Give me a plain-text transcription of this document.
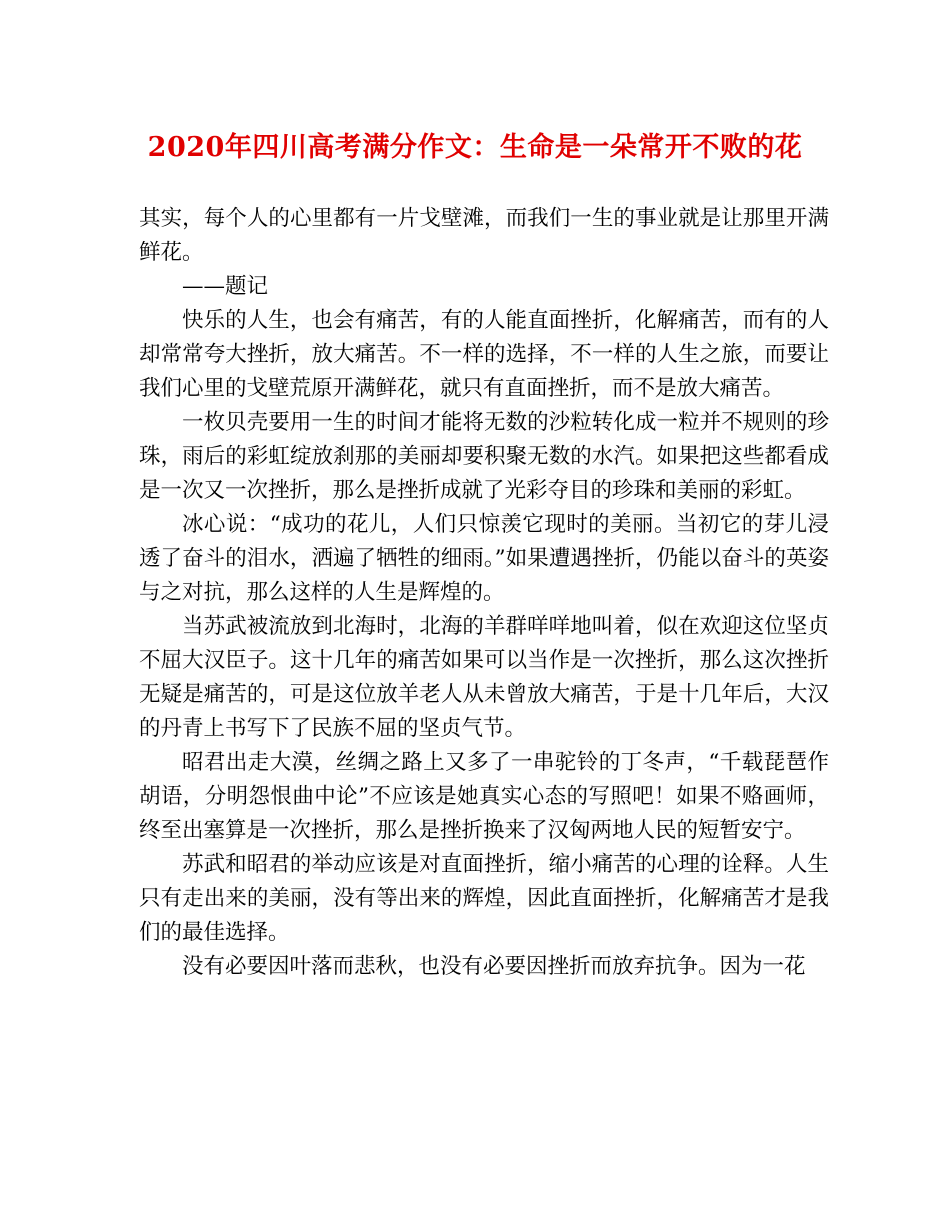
2020年四川高考满分作文：生命是一朵常开不败的花

其实，每个人的心里都有一片戈壁滩，而我们一生的事业就是让那里开满鲜花。

——题记

快乐的人生，也会有痛苦，有的人能直面挫折，化解痛苦，而有的人却常常夸大挫折，放大痛苦。不一样的选择，不一样的人生之旅，而要让我们心里的戈壁荒原开满鲜花，就只有直面挫折，而不是放大痛苦。

一枚贝壳要用一生的时间才能将无数的沙粒转化成一粒并不规则的珍珠，雨后的彩虹绽放刹那的美丽却要积聚无数的水汽。如果把这些都看成是一次又一次挫折，那么是挫折成就了光彩夺目的珍珠和美丽的彩虹。

冰心说：“成功的花儿，人们只惊羡它现时的美丽。当初它的芽儿浸透了奋斗的泪水，洒遍了牺牲的细雨。”如果遭遇挫折，仍能以奋斗的英姿与之对抗，那么这样的人生是辉煌的。

当苏武被流放到北海时，北海的羊群咩咩地叫着，似在欢迎这位坚贞不屈大汉臣子。这十几年的痛苦如果可以当作是一次挫折，那么这次挫折无疑是痛苦的，可是这位放羊老人从未曾放大痛苦，于是十几年后，大汉的丹青上书写下了民族不屈的坚贞气节。

昭君出走大漠，丝绸之路上又多了一串驼铃的丁冬声，“千载琵琶作胡语，分明怨恨曲中论”不应该是她真实心态的写照吧！如果不赂画师，终至出塞算是一次挫折，那么是挫折换来了汉匈两地人民的短暂安宁。

苏武和昭君的举动应该是对直面挫折，缩小痛苦的心理的诠释。人生只有走出来的美丽，没有等出来的辉煌，因此直面挫折，化解痛苦才是我们的最佳选择。

没有必要因叶落而悲秋，也没有必要因挫折而放弃抗争。因为一花
